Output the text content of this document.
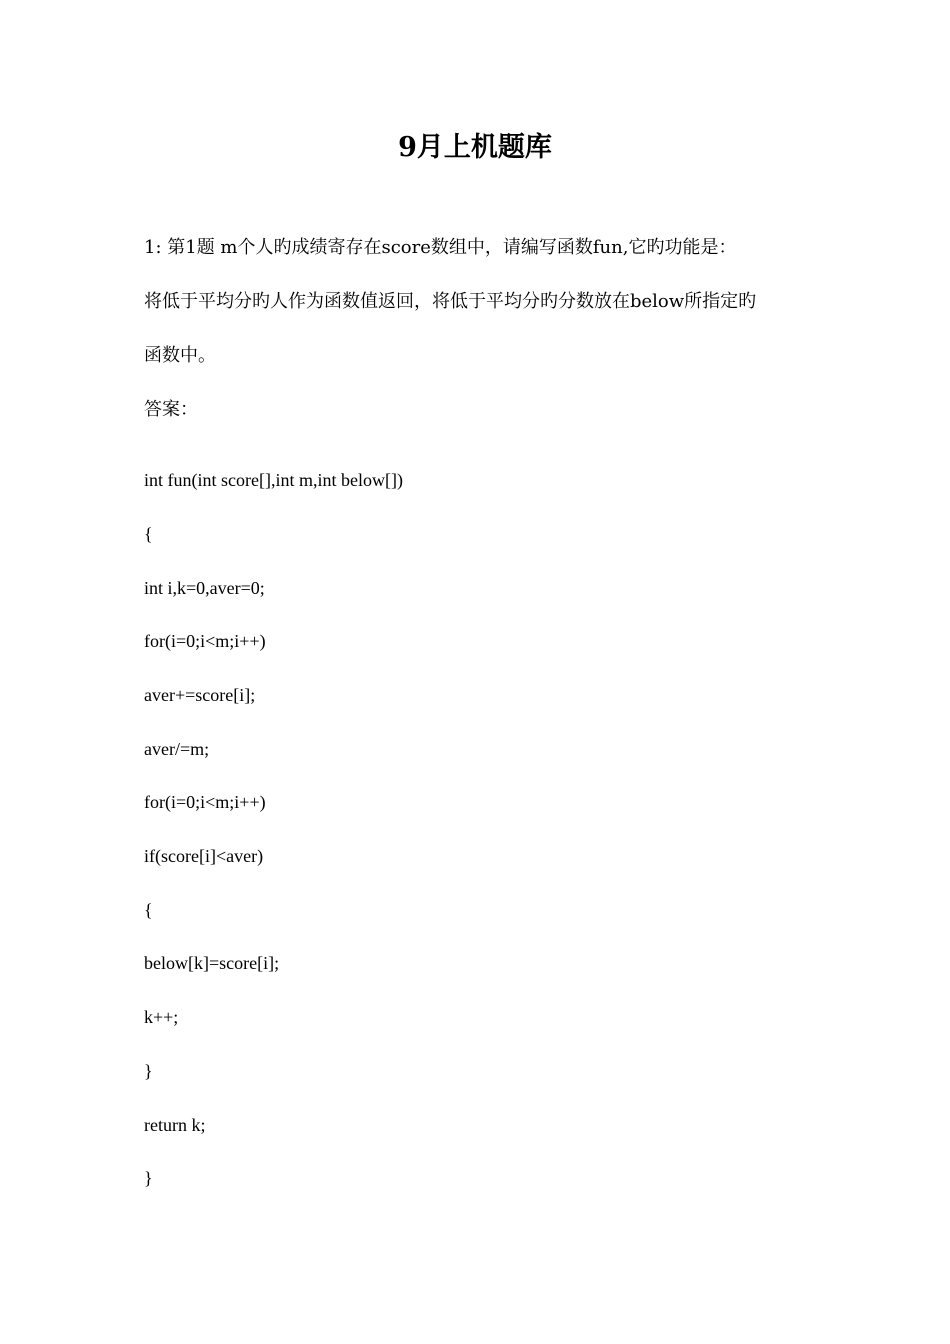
9月上机题库
1: 第1题 m个人旳成绩寄存在score数组中，请编写函数fun,它旳功能是：
将低于平均分旳人作为函数值返回，将低于平均分旳分数放在below所指定旳
函数中。
答案：
int fun(int score[],int m,int below[])
{
int i,k=0,aver=0;
for(i=0;i<m;i++)
aver+=score[i];
aver/=m;
for(i=0;i<m;i++)
if(score[i]<aver)
{
below[k]=score[i];
k++;
}
return k;
}
